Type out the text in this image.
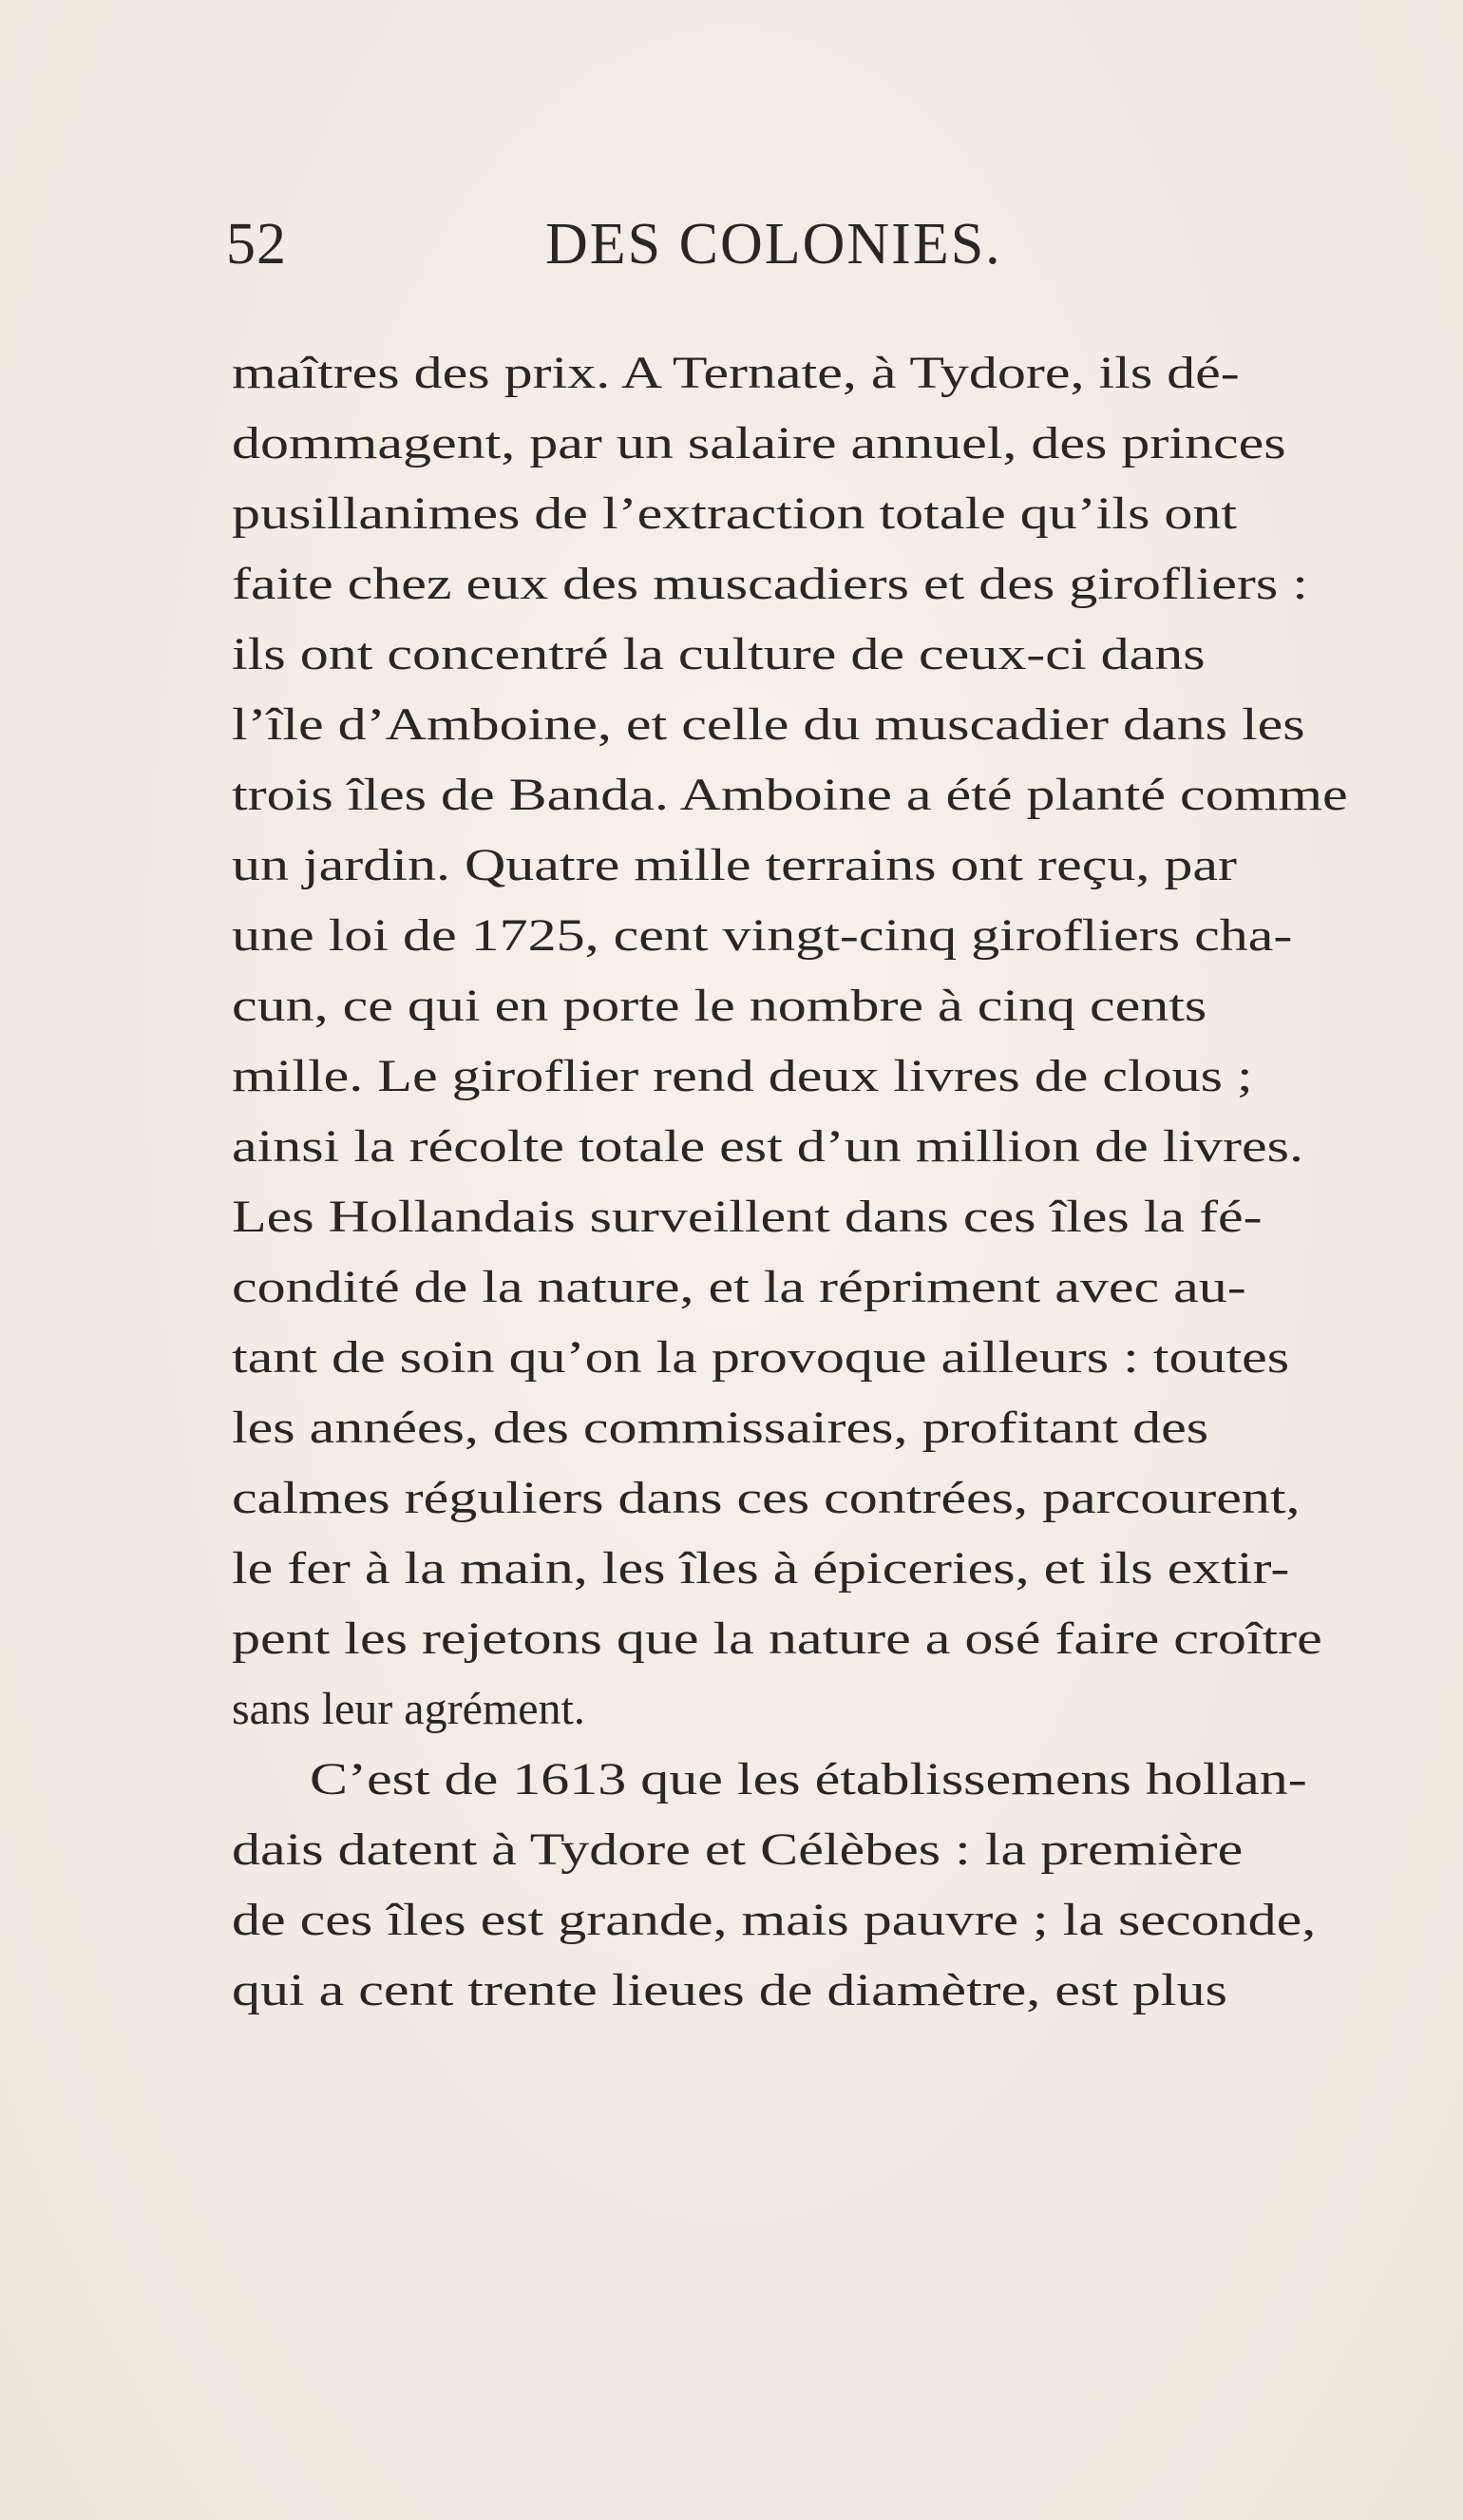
52	DES COLONIES.
maîtres des prix. A Ternate, à Tydore, ils dé-
dommagent, par un salaire annuel, des princes
pusillanimes de l’extraction totale qu’ils ont
faite chez eux des muscadiers et des girofliers :
ils ont concentré la culture de ceux-ci dans
l’île d’Amboine, et celle du muscadier dans les
trois îles de Banda. Amboine a été planté comme
un jardin. Quatre mille terrains ont reçu, par
une loi de 1725, cent vingt-cinq girofliers cha-
cun, ce qui en porte le nombre à cinq cents
mille. Le giroflier rend deux livres de clous ;
ainsi la récolte totale est d’un million de livres.
Les Hollandais surveillent dans ces îles la fé-
condité de la nature, et la répriment avec au-
tant de soin qu’on la provoque ailleurs : toutes
les années, des commissaires, profitant des
calmes réguliers dans ces contrées, parcourent,
le fer à la main, les îles à épiceries, et ils extir-
pent les rejetons que la nature a osé faire croître
sans leur agrément.
C’est de 1613 que les établissemens hollan-
dais datent à Tydore et Célèbes : la première
de ces îles est grande, mais pauvre ; la seconde,
qui a cent trente lieues de diamètre, est plus
